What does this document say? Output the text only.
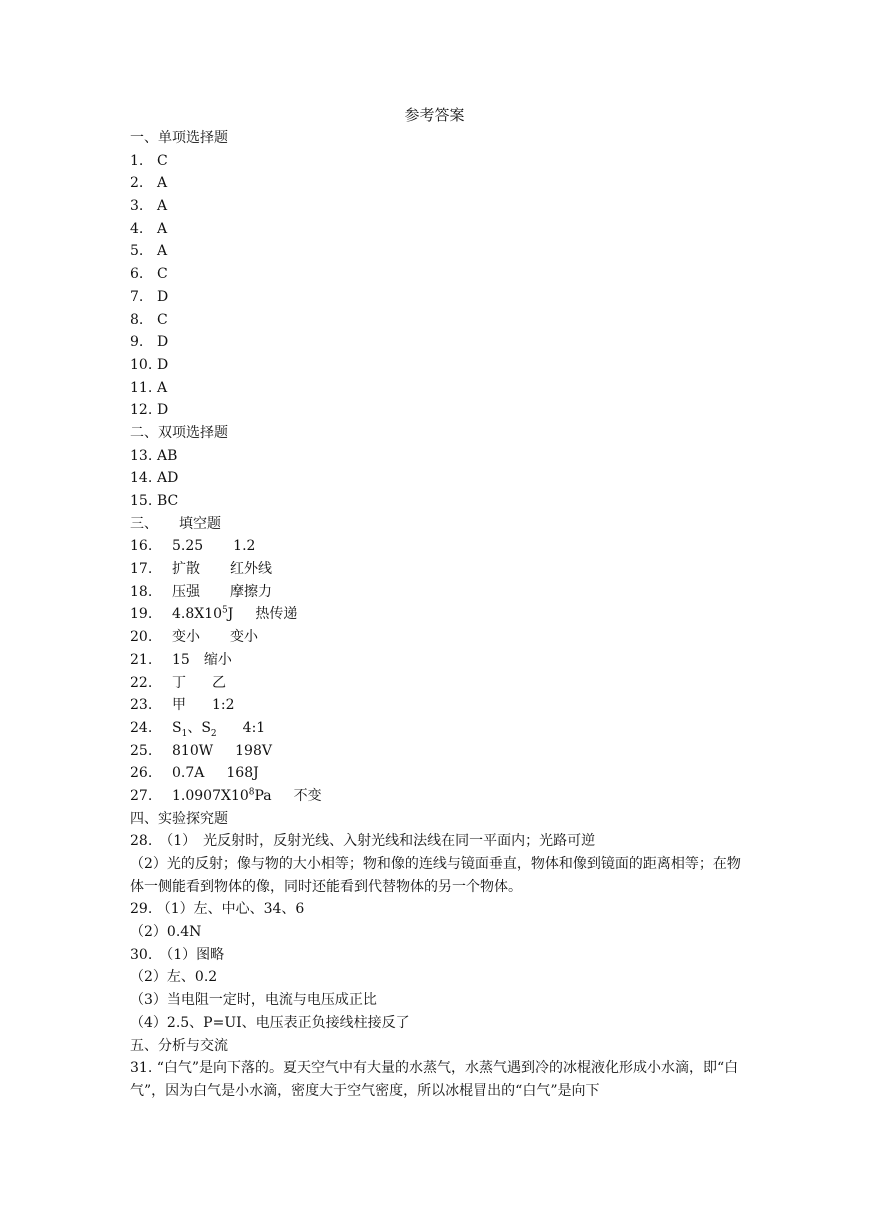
参考答案
一、单项选择题
1. C
2. A
3. A
4. A
5. A
6. C
7. D
8. C
9. D
10. D
11. A
12. D
二、双项选择题
13. AB
14. AD
15. BC
三、　　填空题
16. 5.25 1.2
17. 扩散 红外线
18. 压强 摩擦力
19. $4.8X10^5J$ 热传递
20. 变小 变小
21. 15 缩小
22. 丁 乙
23. 甲 1:2
24. $S_1$、$S_2$ 4:1
25. 810W 198V
26. 0.7A 168J
27. $1.0907X10^8Pa$ 不变
四、实验探究题
28.　（1）　光反射时，反射光线、入射光线和法线在同一平面内；光路可逆
（2）光的反射；像与物的大小相等；物和像的连线与镜面垂直，物体和像到镜面的距离相等；在物体一侧能看到物体的像，同时还能看到代替物体的另一个物体。
29. （1）左、中心、34、6
（2）0.4N
30.　（1）图略
（2）左、0.2
（3）当电阻一定时，电流与电压成正比
（4）2.5、P=UI、电压表正负接线柱接反了
五、分析与交流
31. “白气”是向下落的。夏天空气中有大量的水蒸气，水蒸气遇到冷的冰棍液化形成小水滴，即“白气”，因为白气是小水滴，密度大于空气密度，所以冰棍冒出的“白气”是向下
